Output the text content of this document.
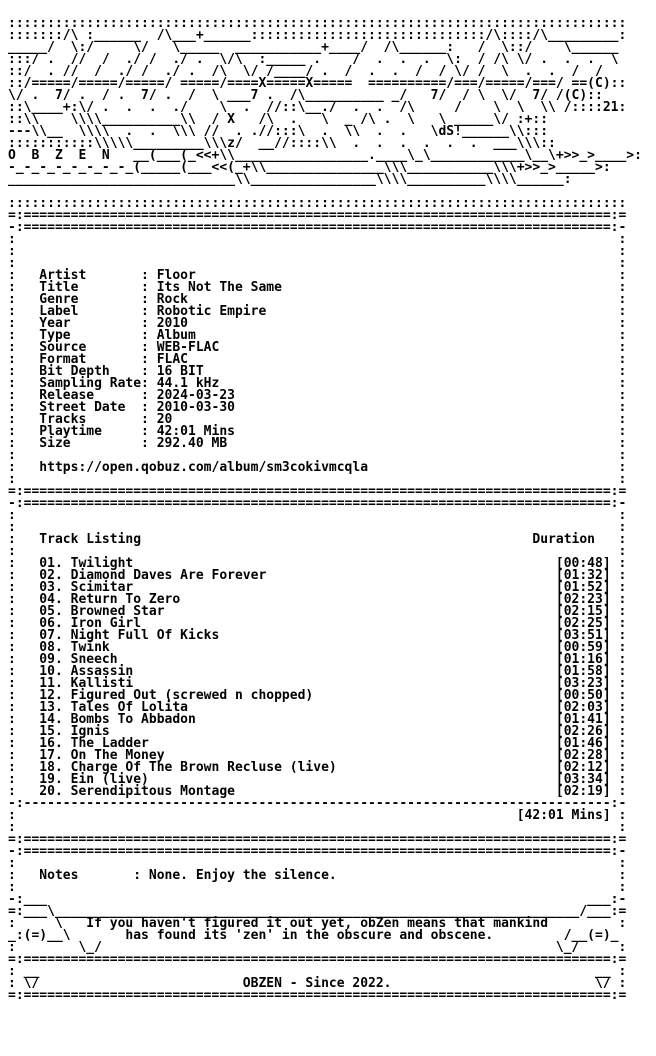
:::::::::::::::::::::::::::::::::::::::::::::::::::::::::::::::::::::::::::::::
:::::::/\ :______  /\___+______::::::::::::::::::::::::::::::/\::::/\_________:
_____/  \:/     \/   \_____  ___________+____/  /\______:   /  \::/    \______
:::/ .  //  /  ./ /  ./ .  \/\  :_____ .    /  .  .  .  \:  / /\ \/ .  .  .  \
::/  . //  /  ./ /  ./ .  /\  \/ /____/ .  /  .  .  /  / \/ /  \  .  .  /  /
::/=====/=====/=====/ =====/====X=====X=====  ==========/===/=====/===/ ==(C)::
\/ .  7/ .  / .  7/ .  /  \ ___7 .  /\__________ _/   7/  / \  \/  7/ /(C)::
::\____+:\/ .  .  .  ./    \  .  //::\__./  .  .  /\     /    \  \  \\ /::::21:
::\\    \\\\__________\\  / X   /\  .   \  _ /\ .  \   \ _____\/ :+::
---\\__  \\\\  .  .  \\\ //  . .//:::\  .  \\  .  .   \dS!______\\:::
:::::::::::\\\\\_________\\\z/  __//::::\\  .  .  .  .  .  .  ___\\\::
O  B  Z  E  N   __(___(_<<+\\_________________.____\_\____________\__\+>>_>____>:
-_-_-_-_-_-_-_-_(_____(___<<(_+\\_______________\\\___________\\\+>>_>_____>:
_____________________________\\________________\\\\__________\\\\______:
:::::::::::::::::::::::::::::::::::::::::::::::::::::::::::::::::::::::::::::::
=:===========================================================================:=
-:===========================================================================:-
:                                                                             :
:                                                                             :
:                                                                             :
:   Artist       : Floor                                                      :
:   Title        : Its Not The Same                                           :
:   Genre        : Rock                                                       :
:   Label        : Robotic Empire                                             :
:   Year         : 2010                                                       :
:   Type         : Album                                                      :
:   Source       : WEB-FLAC                                                   :
:   Format       : FLAC                                                       :
:   Bit Depth    : 16 BIT                                                     :
:   Sampling Rate: 44.1 kHz                                                   :
:   Release      : 2024-03-23                                                 :
:   Street Date  : 2010-03-30                                                 :
:   Tracks       : 20                                                         :
:   Playtime     : 42:01 Mins                                                 :
:   Size         : 292.40 MB                                                  :
:                                                                             :
:   https://open.qobuz.com/album/sm3cokivmcqla                                :
:                                                                             :
=:===========================================================================:=
-:===========================================================================:-
:                                                                             :
:                                                                             :
:   Track Listing                                                  Duration   :
:                                                                             :
:   01. Twilight                                                      [00:48] :
:   02. Diamond Daves Are Forever                                     [01:32] :
:   03. Scimitar                                                      [01:52] :
:   04. Return To Zero                                                [02:23] :
:   05. Browned Star                                                  [02:15] :
:   06. Iron Girl                                                     [02:25] :
:   07. Night Full Of Kicks                                           [03:51] :
:   08. Twink                                                         [00:59] :
:   09. Sneech                                                        [01:16] :
:   10. Assassin                                                      [01:58] :
:   11. Kallisti                                                      [03:23] :
:   12. Figured Out (screwed n chopped)                               [00:50] :
:   13. Tales Of Lolita                                               [02:03] :
:   14. Bombs To Abbadon                                              [01:41] :
:   15. Ignis                                                         [02:26] :
:   16. The Ladder                                                    [01:46] :
:   17. On The Money                                                  [02:28] :
:   18. Charge Of The Brown Recluse (live)                            [02:12] :
:   19. Ein (live)                                                    [03:34] :
:   20. Serendipitous Montage                                         [02:19] :
-:---------------------------------------------------------------------------:-
:                                                                [42:01 Mins] :
:                                                                             :
=:===========================================================================:=
-:===========================================================================:-
:                                                                             :
:   Notes       : None. Enjoy the silence.                                    :
:                                                                             :
-:___                                                                     ___:-
=:___\___________________________________________________________________/___:=
:     \   If you haven't figured it out yet, obZen means that mankind         :
_:(=)__\       has found its 'zen' in the obscure and obscene.         /__(=)_
:        \_/                                                          \_/     :
=:===========================================================================:=
: __                                                                       __ :
: \/                          OBZEN - Since 2022.                          \/ :
=:===========================================================================:=
